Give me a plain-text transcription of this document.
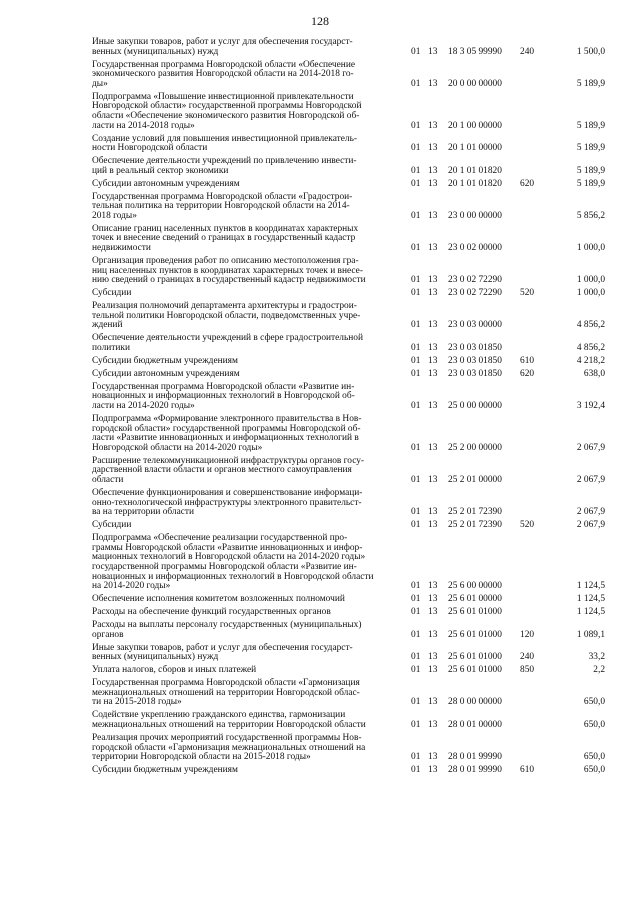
128
Иные закупки товаров, работ и услуг для обеспечения государст-
венных (муниципальных) нужд	01 13 18 3 05 99990 240	1 500,0
Государственная программа Новгородской области «Обеспечение
экономического развития Новгородской области на 2014-2018 го-
ды»	01 13 20 0 00 00000	5 189,9
Подпрограмма «Повышение инвестиционной привлекательности
Новгородской области» государственной программы Новгородской
области «Обеспечение экономического развития Новгородской об-
ласти на 2014-2018 годы»	01 13 20 1 00 00000	5 189,9
Создание условий для повышения инвестиционной привлекатель-
ности Новгородской области	01 13 20 1 01 00000	5 189,9
Обеспечение деятельности учреждений по привлечению инвести-
ций в реальный сектор экономики	01 13 20 1 01 01820	5 189,9
Субсидии автономным учреждениям	01 13 20 1 01 01820 620	5 189,9
Государственная программа Новгородской области «Градострои-
тельная политика на территории Новгородской области на 2014-
2018 годы»	01 13 23 0 00 00000	5 856,2
Описание границ населенных пунктов в координатах характерных
точек и внесение сведений о границах в государственный кадастр
недвижимости	01 13 23 0 02 00000	1 000,0
Организация проведения работ по описанию местоположения гра-
ниц населенных пунктов в координатах характерных точек и внесе-
нию сведений о границах в государственный кадастр недвижимости	01 13 23 0 02 72290	1 000,0
Субсидии	01 13 23 0 02 72290 520	1 000,0
Реализация полномочий департамента архитектуры и градострои-
тельной политики Новгородской области, подведомственных учре-
ждений	01 13 23 0 03 00000	4 856,2
Обеспечение деятельности учреждений в сфере градостроительной
политики	01 13 23 0 03 01850	4 856,2
Субсидии бюджетным учреждениям	01 13 23 0 03 01850 610	4 218,2
Субсидии автономным учреждениям	01 13 23 0 03 01850 620	638,0
Государственная программа Новгородской области «Развитие ин-
новационных и информационных технологий в Новгородской об-
ласти на 2014-2020 годы»	01 13 25 0 00 00000	3 192,4
Подпрограмма «Формирование электронного правительства в Нов-
городской области» государственной программы Новгородской об-
ласти «Развитие инновационных и информационных технологий в
Новгородской области на 2014-2020 годы»	01 13 25 2 00 00000	2 067,9
Расширение телекоммуникационной инфраструктуры органов госу-
дарственной власти области и органов местного самоуправления
области	01 13 25 2 01 00000	2 067,9
Обеспечение функционирования и совершенствование информаци-
онно-технологической инфраструктуры электронного правительст-
ва на территории области	01 13 25 2 01 72390	2 067,9
Субсидии	01 13 25 2 01 72390 520	2 067,9
Подпрограмма «Обеспечение реализации государственной про-
граммы Новгородской области «Развитие инновационных и инфор-
мационных технологий в Новгородской области на 2014-2020 годы»
государственной программы Новгородской области «Развитие ин-
новационных и информационных технологий в Новгородской области
на 2014-2020 годы»	01 13 25 6 00 00000	1 124,5
Обеспечение исполнения комитетом возложенных полномочий	01 13 25 6 01 00000	1 124,5
Расходы на обеспечение функций государственных органов	01 13 25 6 01 01000	1 124,5
Расходы на выплаты персоналу государственных (муниципальных)
органов	01 13 25 6 01 01000 120	1 089,1
Иные закупки товаров, работ и услуг для обеспечения государст-
венных (муниципальных) нужд	01 13 25 6 01 01000 240	33,2
Уплата налогов, сборов и иных платежей	01 13 25 6 01 01000 850	2,2
Государственная программа Новгородской области «Гармонизация
межнациональных отношений на территории Новгородской облас-
ти на 2015-2018 годы»	01 13 28 0 00 00000	650,0
Содействие укреплению гражданского единства, гармонизации
межнациональных отношений на территории Новгородской области	01 13 28 0 01 00000	650,0
Реализация прочих мероприятий государственной программы Нов-
городской области «Гармонизация межнациональных отношений на
территории Новгородской области на 2015-2018 годы»	01 13 28 0 01 99990	650,0
Субсидии бюджетным учреждениям	01 13 28 0 01 99990 610	650,0
